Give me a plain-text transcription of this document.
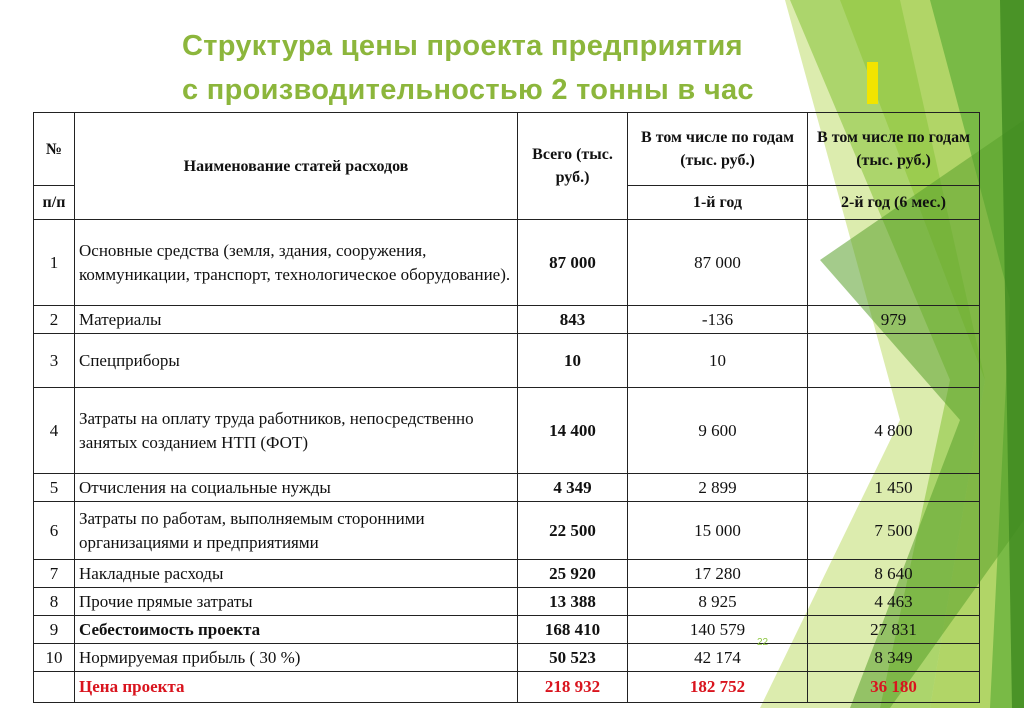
Структура цены проекта предприятия
с производительностью 2 тонны в час
№	Наименование статей расходов	Всего (тыс. руб.)	В том числе по годам (тыс. руб.)	В том числе по годам (тыс. руб.)
п/п			1-й год	2-й год (6 мес.)
1	Основные средства (земля, здания, сооружения, коммуникации, транспорт, технологическое оборудование).	87 000	87 000	
2	Материалы	843	-136	979
3	Спецприборы	10	10	
4	Затраты на оплату труда работников, непосредственно занятых созданием НТП (ФОТ)	14 400	9 600	4 800
5	Отчисления на социальные нужды	4 349	2 899	1 450
6	Затраты по работам, выполняемым сторонними организациями и предприятиями	22 500	15 000	7 500
7	Накладные расходы	25 920	17 280	8 640
8	Прочие прямые затраты	13 388	8 925	4 463
9	Себестоимость проекта	168 410	140 579	27 831
10	Нормируемая прибыль ( 30 %)	50 523	42 174	8 349
	Цена проекта	218 932	182 752	36 180
22
